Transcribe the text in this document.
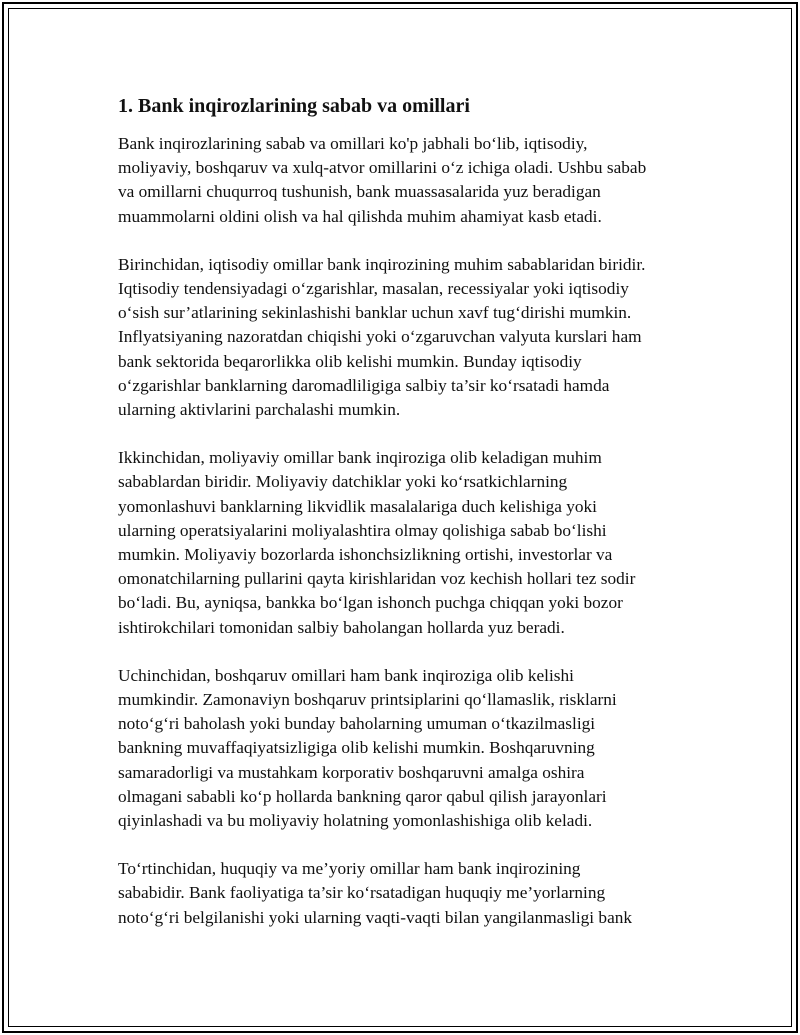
1. Bank inqirozlarining sabab va omillari

Bank inqirozlarining sabab va omillari ko'p jabhali bo‘lib, iqtisodiy,
moliyaviy, boshqaruv va xulq-atvor omillarini o‘z ichiga oladi. Ushbu sabab
va omillarni chuqurroq tushunish, bank muassasalarida yuz beradigan
muammolarni oldini olish va hal qilishda muhim ahamiyat kasb etadi.

Birinchidan, iqtisodiy omillar bank inqirozining muhim sabablaridan biridir.
Iqtisodiy tendensiyadagi o‘zgarishlar, masalan, recessiyalar yoki iqtisodiy
o‘sish sur’atlarining sekinlashishi banklar uchun xavf tug‘dirishi mumkin.
Inflyatsiyaning nazoratdan chiqishi yoki o‘zgaruvchan valyuta kurslari ham
bank sektorida beqarorlikka olib kelishi mumkin. Bunday iqtisodiy
o‘zgarishlar banklarning daromadliligiga salbiy ta’sir ko‘rsatadi hamda
ularning aktivlarini parchalashi mumkin.

Ikkinchidan, moliyaviy omillar bank inqiroziga olib keladigan muhim
sabablardan biridir. Moliyaviy datchiklar yoki ko‘rsatkichlarning
yomonlashuvi banklarning likvidlik masalalariga duch kelishiga yoki
ularning operatsiyalarini moliyalashtira olmay qolishiga sabab bo‘lishi
mumkin. Moliyaviy bozorlarda ishonchsizlikning ortishi, investorlar va
omonatchilarning pullarini qayta kirishlaridan voz kechish hollari tez sodir
bo‘ladi. Bu, ayniqsa, bankka bo‘lgan ishonch puchga chiqqan yoki bozor
ishtirokchilari tomonidan salbiy baholangan hollarda yuz beradi.

Uchinchidan, boshqaruv omillari ham bank inqiroziga olib kelishi
mumkindir. Zamonaviyn boshqaruv printsiplarini qo‘llamaslik, risklarni
noto‘g‘ri baholash yoki bunday baholarning umuman o‘tkazilmasligi
bankning muvaffaqiyatsizligiga olib kelishi mumkin. Boshqaruvning
samaradorligi va mustahkam korporativ boshqaruvni amalga oshira
olmagani sababli ko‘p hollarda bankning qaror qabul qilish jarayonlari
qiyinlashadi va bu moliyaviy holatning yomonlashishiga olib keladi.

To‘rtinchidan, huquqiy va me’yoriy omillar ham bank inqirozining
sababidir. Bank faoliyatiga ta’sir ko‘rsatadigan huquqiy me’yorlarning
noto‘g‘ri belgilanishi yoki ularning vaqti-vaqti bilan yangilanmasligi bank
